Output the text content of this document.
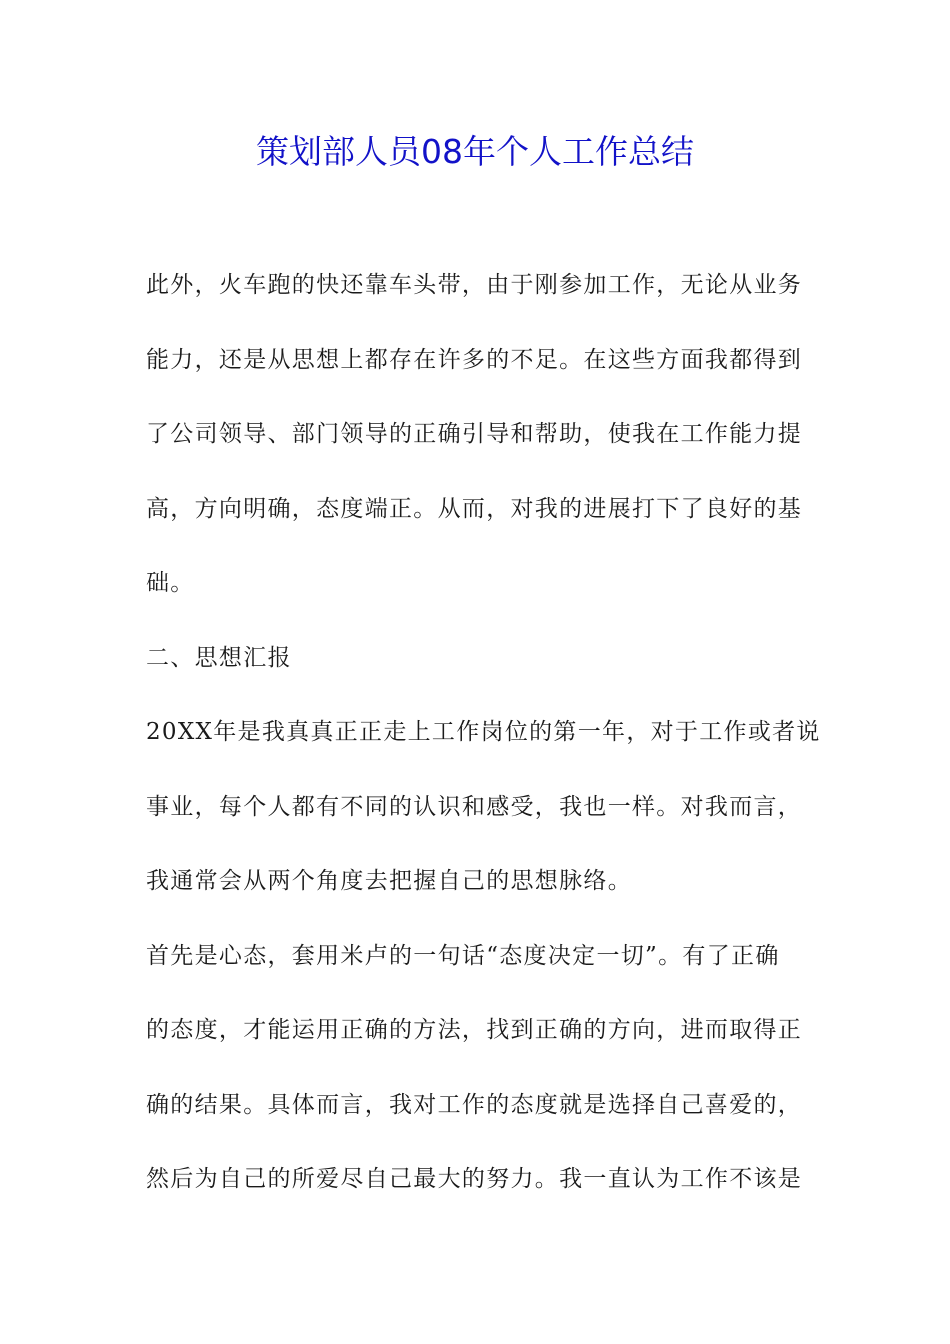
策划部人员08年个人工作总结
此外，火车跑的快还靠车头带，由于刚参加工作，无论从业务
能力，还是从思想上都存在许多的不足。在这些方面我都得到
了公司领导、部门领导的正确引导和帮助，使我在工作能力提
高，方向明确，态度端正。从而，对我的进展打下了良好的基
础。
二、思想汇报
20XX年是我真真正正走上工作岗位的第一年，对于工作或者说
事业，每个人都有不同的认识和感受，我也一样。对我而言，
我通常会从两个角度去把握自己的思想脉络。
首先是心态，套用米卢的一句话“态度决定一切”。有了正确
的态度，才能运用正确的方法，找到正确的方向，进而取得正
确的结果。具体而言，我对工作的态度就是选择自己喜爱的，
然后为自己的所爱尽自己最大的努力。我一直认为工作不该是
